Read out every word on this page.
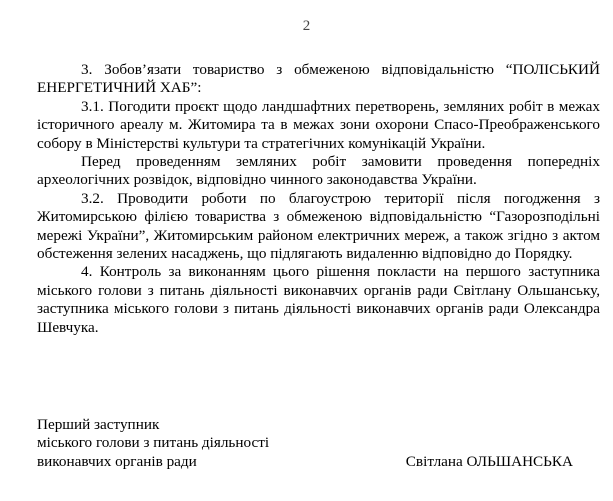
2

3. Зобов’язати товариство з обмеженою відповідальністю “ПОЛІСЬКИЙ ЕНЕРГЕТИЧНИЙ ХАБ”:

3.1. Погодити проєкт щодо ландшафтних перетворень, земляних робіт в межах історичного ареалу м. Житомира та в межах зони охорони Спасо-Преображенського собору в Міністерстві культури та стратегічних комунікацій України.

Перед проведенням земляних робіт замовити проведення попередніх археологічних розвідок, відповідно чинного законодавства України.

3.2. Проводити роботи по благоустрою території після погодження з Житомирською філією товариства з обмеженою відповідальністю “Газорозподільні мережі України”, Житомирським районом електричних мереж, а також згідно з актом обстеження зелених насаджень, що підлягають видаленню відповідно до Порядку.

4. Контроль за виконанням цього рішення покласти на першого заступника міського голови з питань діяльності виконавчих органів ради Світлану Ольшанську, заступника міського голови з питань діяльності виконавчих органів ради Олександра Шевчука.

Перший заступник
міського голови з питань діяльності
виконавчих органів ради	Світлана ОЛЬШАНСЬКА
